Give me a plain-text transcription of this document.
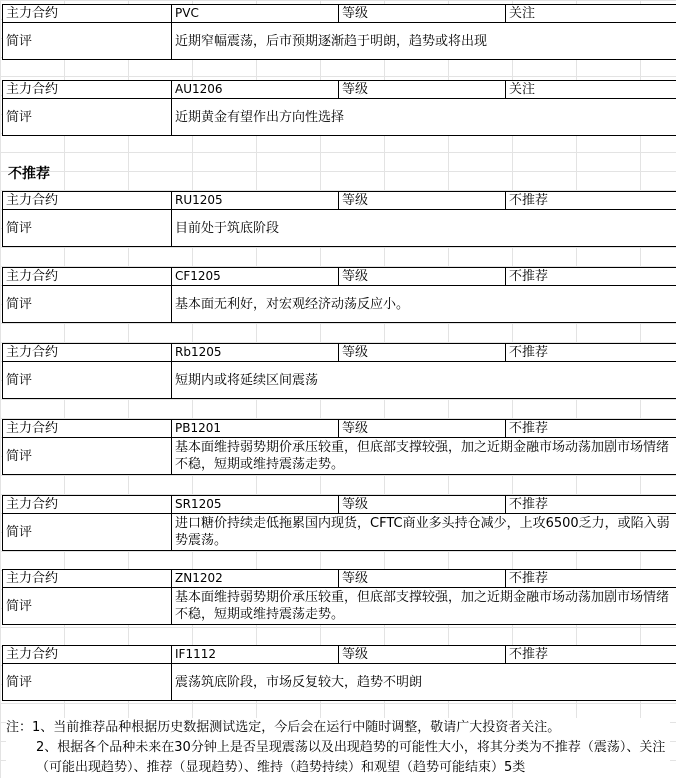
主力合约	PVC	等级	关注
简评	近期窄幅震荡，后市预期逐渐趋于明朗，趋势或将出现		
主力合约	AU1206	等级	关注
简评	近期黄金有望作出方向性选择		
不推荐
主力合约	RU1205	等级	不推荐
简评	目前处于筑底阶段		
主力合约	CF1205	等级	不推荐
简评	基本面无利好，对宏观经济动荡反应小。		
主力合约	Rb1205	等级	不推荐
简评	短期内或将延续区间震荡		
主力合约	PB1201	等级	不推荐
简评	基本面维持弱势期价承压较重，但底部支撑较强，加之近期金融市场动荡加剧市场情绪不稳，短期或维持震荡走势。		
主力合约	SR1205	等级	不推荐
简评	进口糖价持续走低拖累国内现货，CFTC商业多头持仓减少，上攻6500乏力，或陷入弱势震荡。		
主力合约	ZN1202	等级	不推荐
简评	基本面维持弱势期价承压较重，但底部支撑较强，加之近期金融市场动荡加剧市场情绪不稳，短期或维持震荡走势。		
主力合约	IF1112	等级	不推荐
简评	震荡筑底阶段，市场反复较大，趋势不明朗		
注： 1、当前推荐品种根据历史数据测试选定，今后会在运行中随时调整，敬请广大投资者关注。
2、根据各个品种未来在30分钟上是否呈现震荡以及出现趋势的可能性大小，将其分类为不推荐（震荡）、关注（可能出现趋势）、推荐（显现趋势）、维持（趋势持续）和观望（趋势可能结束）5类
